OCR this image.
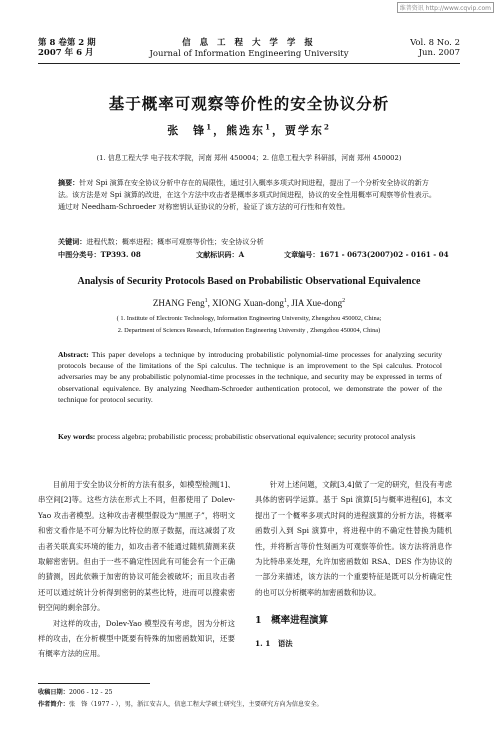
维普资讯 http://www.cqvip.com
第 8 卷第 2 期
2007 年 6 月
信 息 工 程 大 学 学 报
Journal of Information Engineering University
Vol. 8 No. 2
Jun. 2007
基于概率可观察等价性的安全协议分析
张　锋$^1$，熊选东$^1$，贾学东$^2$
(1. 信息工程大学 电子技术学院，河南 郑州 450004；2. 信息工程大学 科研部，河南 郑州 450002)
摘要：针对 Spi 演算在安全协议分析中存在的局限性，通过引入概率多项式时间进程，提出了一个分析安全协议的新方法。该方法是对 Spi 演算的改进，在这个方法中攻击者是概率多项式时间进程，协议的安全性用概率可观察等价性表示。通过对 Needham-Schroeder 对称密钥认证协议的分析，验证了该方法的可行性和有效性。
关键词：进程代数；概率进程；概率可观察等价性；安全协议分析
中图分类号：TP393. 08	文献标识码：A	文章编号：1671 - 0673(2007)02 - 0161 - 04
Analysis of Security Protocols Based on Probabilistic Observational Equivalence
ZHANG Feng$^1$, XIONG Xuan-dong$^1$, JIA Xue-dong$^2$
( 1. Institute of Electronic Technology, Information Engineering University, Zhengzhou 450002, China;
2. Department of Sciences Research, Information Engineering University , Zhengzhou 450004, China)
Abstract: This paper develops a technique by introducing probabilistic polynomial-time processes for analyzing security protocols because of the limitations of the Spi calculus. The technique is an improvement to the Spi calculus. Protocol adversaries may be any probabilistic polynomial-time processes in the technique, and security may be expressed in terms of observational equivalence. By analyzing Needham-Schroeder authentication protocol, we demonstrate the power of the technique for protocol security.
Key words: process algebra; probabilistic process; probabilistic observational equivalence; security protocol analysis

目前用于安全协议分析的方法有很多，如模型检测[1]、串空间[2]等。这些方法在形式上不同，但都使用了 Dolev-Yao 攻击者模型。这种攻击者模型假设为“黑匣子”，将明文和密文看作是不可分解为比特位的原子数据，而这减弱了攻击者关联真实环境的能力，如攻击者不能通过随机猜测来获取解密密钥。但由于一些不确定性因此有可能会有一个正确的猜测，因此依赖于加密的协议可能会被破坏；而且攻击者还可以通过统计分析得到密钥的某些比特，进而可以搜索密钥空间的剩余部分。

对这样的攻击，Dolev-Yao 模型没有考虑，因为分析这样的攻击，在分析模型中既要有特殊的加密函数知识，还要有概率方法的应用。

针对上述问题，文献[3,4]做了一定的研究，但没有考虑具体的密码学运算。基于 Spi 演算[5]与概率进程[6]，本文提出了一个概率多项式时间的进程演算的分析方法，将概率函数引入到 Spi 演算中，将进程中的不确定性替换为随机性，并将断言等价性刻画为可观察等价性。该方法将消息作为比特串来处理，允许加密函数如 RSA、DES 作为协议的一部分来描述，该方法的一个重要特征是既可以分析确定性的也可以分析概率的加密函数和协议。

1　概率进程演算
1. 1　语法
收稿日期：2006 - 12 - 25
作者简介：张　锋（1977 - ），男，浙江安吉人，信息工程大学硕士研究生，主要研究方向为信息安全。
